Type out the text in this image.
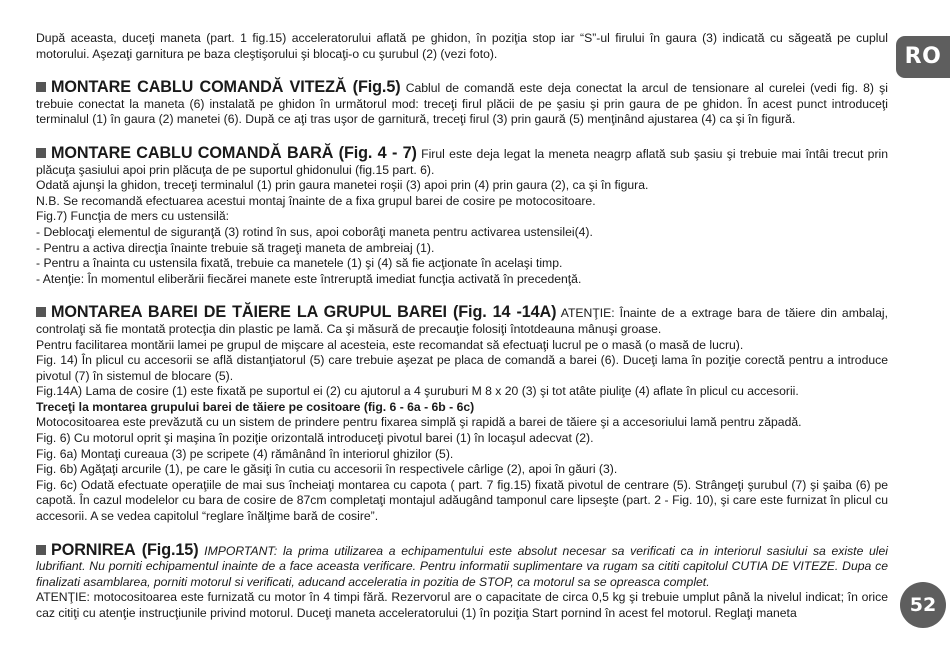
RO
52

După aceasta, duceţi maneta (part. 1 fig.15) acceleratorului aflată pe ghidon, în poziţia stop iar “S”-ul firului în gaura (3) indicată cu săgeată pe cuplul motorului. Aşezaţi garnitura pe baza cleştişorului şi blocaţi-o cu şurubul (2) (vezi foto).

MONTARE CABLU COMANDĂ VITEZĂ (Fig.5) Cablul de comandă este deja conectat la arcul de tensionare al curelei (vedi fig. 8) şi trebuie conectat la maneta (6) instalată pe ghidon în următorul mod: treceţi firul plăcii de pe şasiu şi prin gaura de pe ghidon. În acest punct introduceţi terminalul (1) în gaura (2) manetei (6). După ce aţi tras uşor de garnitură, treceţi firul (3) prin gaură (5) menţinând ajustarea (4) ca şi în figură.

MONTARE CABLU COMANDĂ BARĂ (Fig. 4 - 7) Firul este deja legat la meneta neagrp aflată sub şasiu şi trebuie mai întâi trecut prin plăcuţa şasiului apoi prin plăcuţa de pe suportul ghidonului (fig.15 part. 6).

Odată ajunşi la ghidon, treceţi terminalul (1) prin gaura manetei roşii (3) apoi prin (4) prin gaura (2), ca şi în figura.

N.B. Se recomandă efectuarea acestui montaj înainte de a fixa grupul barei de cosire pe motocositoare.

Fig.7) Funcţia de mers cu ustensilă:

- Deblocaţi elementul de siguranţă (3) rotind în sus, apoi coborâţi maneta pentru activarea ustensilei(4).

- Pentru a activa direcţia înainte trebuie să trageţi maneta de ambreiaj (1).

- Pentru a înainta cu ustensila fixată, trebuie ca manetele (1) şi (4) să fie acţionate în acelaşi timp.

- Atenţie: În momentul eliberării fiecărei manete este întreruptă imediat funcţia activată în precedenţă.

MONTAREA BAREI DE TĂIERE LA GRUPUL BAREI (Fig. 14 -14A) ATENŢIE: Înainte de a extrage bara de tăiere din ambalaj, controlaţi să fie montată protecţia din plastic pe lamă. Ca şi măsură de precauţie folosiţi întotdeauna mânuşi groase.

Pentru facilitarea montării lamei pe grupul de mişcare al acesteia, este recomandat să efectuaţi lucrul pe o masă (o masă de lucru).

Fig. 14) În plicul cu accesorii se află distanţiatorul (5) care trebuie aşezat pe placa de comandă a barei (6). Duceţi lama în poziţie corectă pentru a introduce pivotul (7) în sistemul de blocare (5).

Fig.14A) Lama de cosire (1) este fixată pe suportul ei (2) cu ajutorul a 4 şuruburi M 8 x 20 (3) şi tot atâte piuliţe (4) aflate în plicul cu accesorii.

Treceţi la montarea grupului barei de tăiere pe cositoare (fig. 6 - 6a - 6b - 6c)

Motocositoarea este prevăzută cu un sistem de prindere pentru fixarea simplă şi rapidă a barei de tăiere şi a accesoriului lamă pentru zăpadă.

Fig. 6) Cu motorul oprit şi maşina în poziţie orizontală introduceţi pivotul barei (1) în locaşul adecvat (2).

Fig. 6a) Montaţi cureaua (3) pe scripete (4) rămânând în interiorul ghizilor (5).

Fig. 6b) Agăţaţi arcurile (1), pe care le găsiţi în cutia cu accesorii în respectivele cârlige (2), apoi în găuri (3).

Fig. 6c) Odată efectuate operaţiile de mai sus încheiaţi montarea cu capota ( part. 7 fig.15) fixată pivotul de centrare (5). Strângeţi şurubul (7) şi şaiba (6) pe capotă. În cazul modelelor cu bara de cosire de 87cm completaţi montajul adăugând tamponul care lipseşte (part. 2 - Fig. 10), şi care este furnizat în plicul cu accesorii. A se vedea capitolul “reglare înălţime bară de cosire”.

PORNIREA (Fig.15) IMPORTANT: la prima utilizarea a echipamentului este absolut necesar sa verificati ca in interiorul sasiului sa existe ulei lubrifiant. Nu porniti echipamentul inainte de a face aceasta verificare. Pentru informatii suplimentare va rugam sa cititi capitolul CUTIA DE VITEZE. Dupa ce finalizati asamblarea, porniti motorul si verificati, aducand acceleratia in pozitia de STOP, ca motorul sa se opreasca complet.

ATENŢIE: motocositoarea este furnizată cu motor în 4 timpi fără. Rezervorul are o capacitate de circa 0,5 kg şi trebuie umplut până la nivelul indicat; în orice caz citiţi cu atenţie instrucţiunile privind motorul. Duceţi maneta acceleratorului (1) în poziţia Start pornind în acest fel motorul. Reglaţi maneta
